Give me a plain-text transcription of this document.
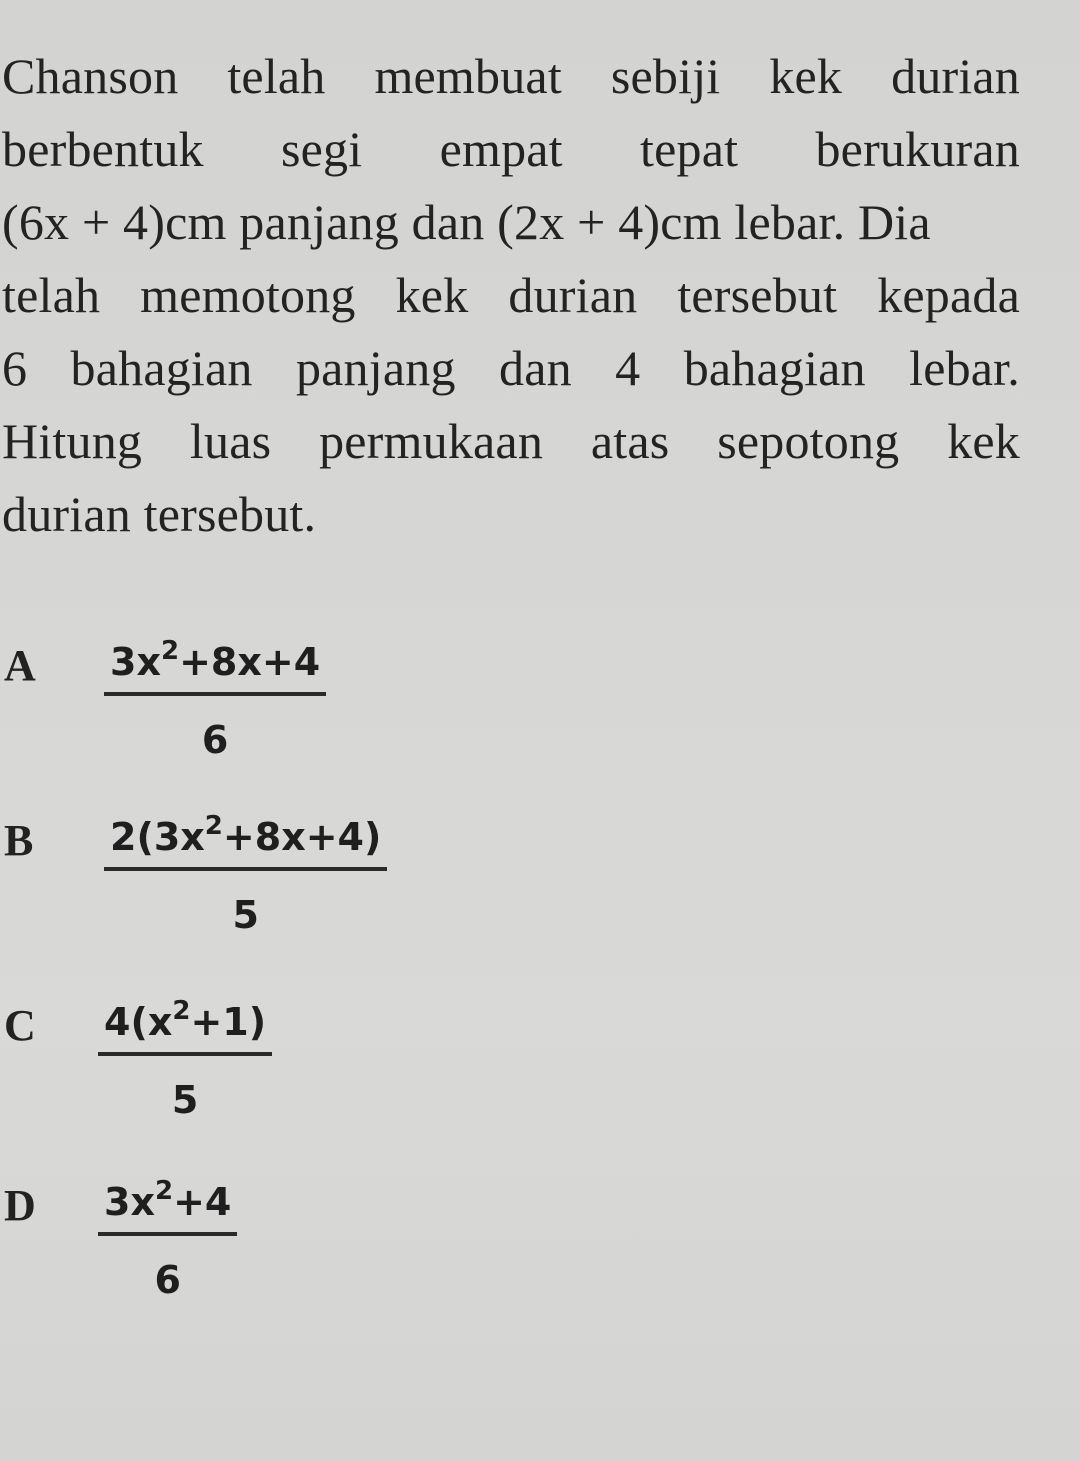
Chanson telah membuat sebiji kek durian
berbentuk segi empat tepat berukuran
(6x + 4)cm panjang dan (2x + 4)cm lebar. Dia
telah memotong kek durian tersebut kepada
6 bahagian panjang dan 4 bahagian lebar.
Hitung luas permukaan atas sepotong kek
durian tersebut.
A	$\frac{3x^2+8x+4}{6}$
B	$\frac{2(3x^2+8x+4)}{5}$
C	$\frac{4(x^2+1)}{5}$
D	$\frac{3x^2+4}{6}$
